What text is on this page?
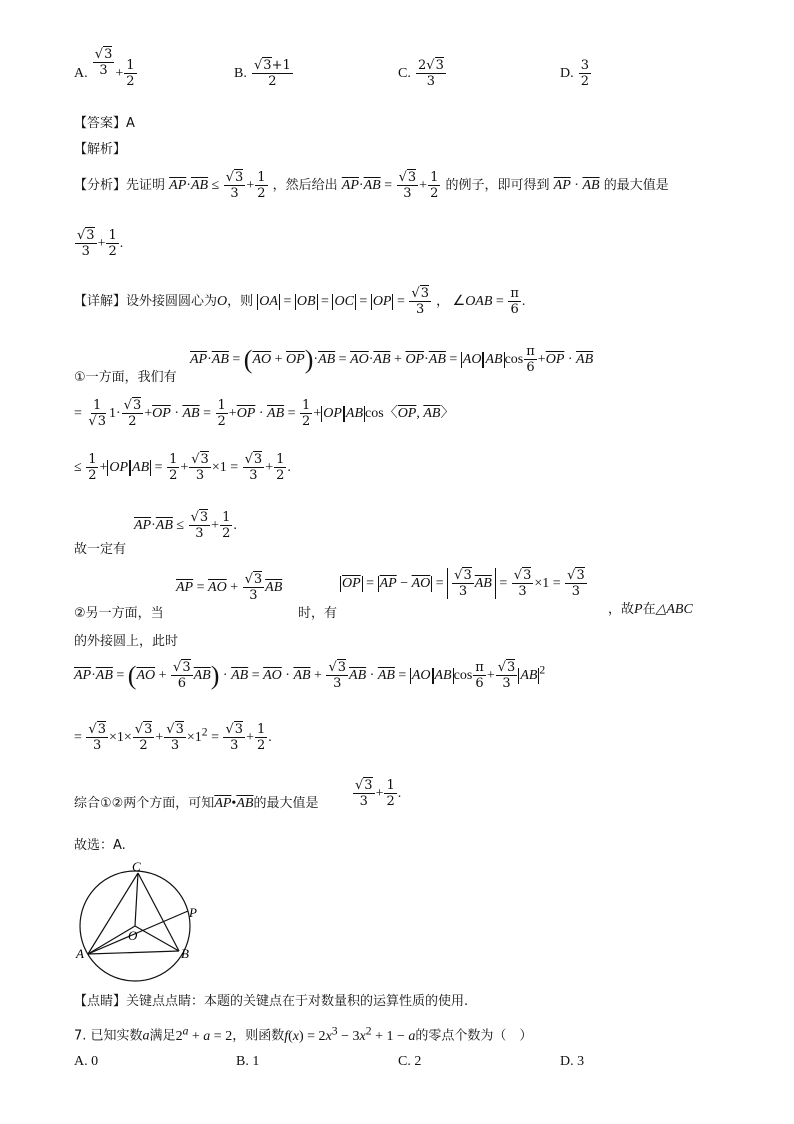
A. $\frac{√3}{3} + \frac{1}{2}$	B. $\frac{√3+1}{2}$	C. $\frac{2√3}{3}$	D. $\frac{3}{2}$
【答案】A
【解析】
【分析】先证明 $\overline{AP}\cdot\overline{AB} \le \frac{√3}{3} + \frac{1}{2}$ ，然后给出 $\overline{AP}\cdot\overline{AB} = \frac{√3}{3} + \frac{1}{2}$ 的例子，即可得到 $\overline{AP} \cdot \overline{AB}$ 的最大值是
$\frac{√3}{3} + \frac{1}{2}$ .
【详解】设外接圆圆心为O，则 OA = OB = OC = OP = $\frac{√3}{3}$ ， ∠OAB = $\frac{\pi}{6}$ .
$\overline{AP}\cdot\overline{AB} = (\overline{AO} + \overline{OP})\cdot\overline{AB} = \overline{AO}\cdot\overline{AB} + \overline{OP}\cdot\overline{AB}$ = AO AB $\cos \frac{\pi}{6} +\overline{OP} \cdot \overline{AB}$
①一方面，我们有
= $\frac{1}{√3} 1\cdot \frac{√3}{2} +\overline{OP} \cdot \overline{AB} = \frac{1}{2} +\overline{OP} \cdot \overline{AB} = \frac{1}{2}$ + OP AB cos〈$\overline{OP}$, $\overline{AB}$〉
≤ $\frac{1}{2}$ + OP AB = $\frac{1}{2} + \frac{√3}{3} \times 1 = \frac{√3}{3} + \frac{1}{2}$ .
$\overline{AP}\cdot\overline{AB} \le \frac{√3}{3} + \frac{1}{2}$ .
故一定有
$\overline{AP} = \overline{AO} + \frac{√3}{3} \overline{AB}$	$\overline{OP} = \overline{AP} - \overline{AO} = \frac{√3}{3} \overline{AB} = \frac{√3}{3} \times 1 = \frac{√3}{3}$
②另一方面，当	时，有	，故P在△ABC
的外接圆上，此时
$\overline{AP}\cdot\overline{AB} = (\overline{AO} + \frac{√3}{6} \overline{AB}) \cdot \overline{AB} = \overline{AO} \cdot \overline{AB} + \frac{√3}{3} \overline{AB} \cdot \overline{AB}$ = AO AB $\cos \frac{\pi}{6} + \frac{√3}{3}$ AB $^2$
= $\frac{√3}{3} \times 1\times \frac{√3}{2} + \frac{√3}{3} \times 1^2 = \frac{√3}{3} + \frac{1}{2}$ .
综合①②两个方面，可知$\overline{AP}•\overline{AB}$的最大值是	$\frac{√3}{3} + \frac{1}{2}$ .
故选：A.
C
P
O
A	B
【点睛】关键点点睛：本题的关键点在于对数量积的运算性质的使用.
7. 已知实数a满足$2^a + a = 2$，则函数$f(x) = 2x^3 - 3x^2 + 1 - a$的零点个数为（　）
A. 0	B. 1	C. 2	D. 3
